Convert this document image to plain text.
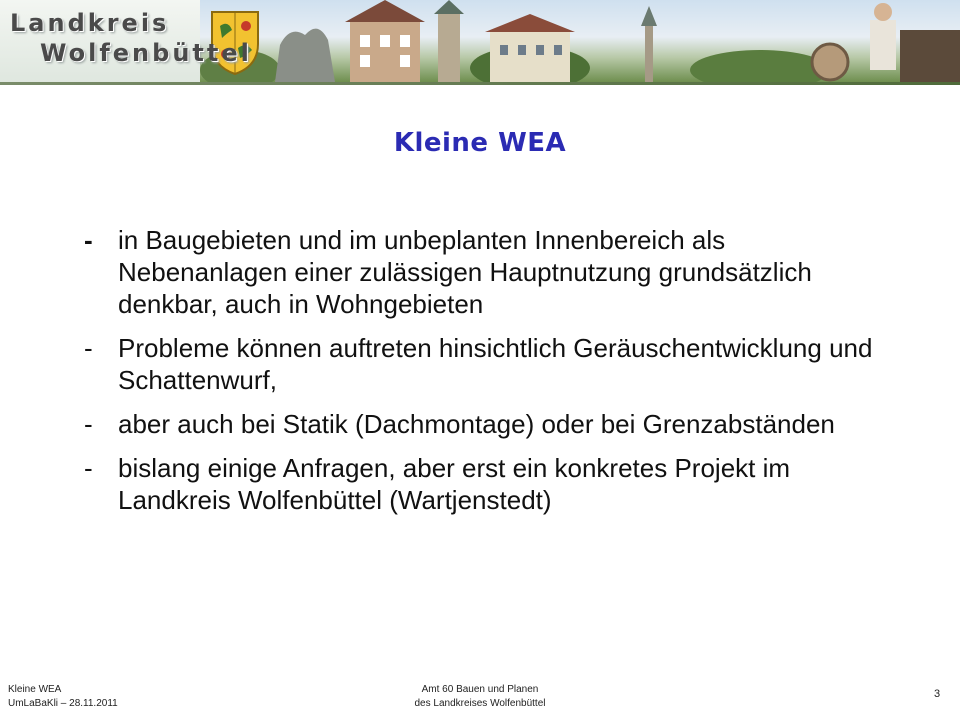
Landkreis
Wolfenbüttel
Kleine WEA
- in Baugebieten und im unbeplanten Innenbereich als Nebenanlagen einer zulässigen Hauptnutzung grundsätzlich denkbar, auch in Wohngebieten
- Probleme können auftreten hinsichtlich Geräuschentwicklung und Schattenwurf,
- aber auch bei Statik (Dachmontage) oder bei Grenzabständen
- bislang einige Anfragen, aber erst ein konkretes Projekt im Landkreis Wolfenbüttel (Wartjenstedt)
Kleine WEA
UmLaBaKli – 28.11.2011
Amt 60 Bauen und Planen
des Landkreises Wolfenbüttel
3
